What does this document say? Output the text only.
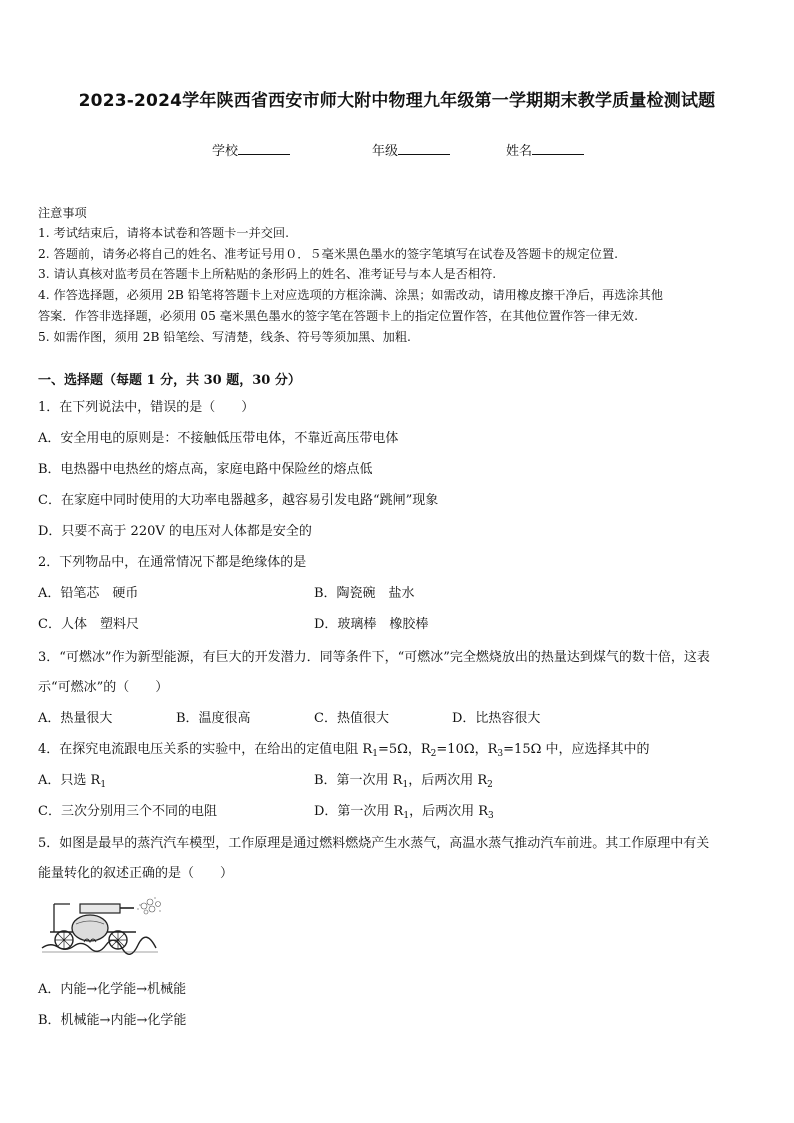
2023-2024学年陕西省西安市师大附中物理九年级第一学期期末教学质量检测试题
学校	年级	姓名
注意事项
1. 考试结束后，请将本试卷和答题卡一并交回.
2. 答题前，请务必将自己的姓名、准考证号用０．５毫米黑色墨水的签字笔填写在试卷及答题卡的规定位置.
3. 请认真核对监考员在答题卡上所粘贴的条形码上的姓名、准考证号与本人是否相符.
4. 作答选择题，必须用 2B 铅笔将答题卡上对应选项的方框涂满、涂黑；如需改动，请用橡皮擦干净后，再选涂其他
答案．作答非选择题，必须用 05 毫米黑色墨水的签字笔在答题卡上的指定位置作答，在其他位置作答一律无效.
5. 如需作图，须用 2B 铅笔绘、写清楚，线条、符号等须加黑、加粗.
一、选择题（每题 1 分，共 30 题，30 分）
1．在下列说法中，错误的是（　　）
A．安全用电的原则是：不接触低压带电体，不靠近高压带电体
B．电热器中电热丝的熔点高，家庭电路中保险丝的熔点低
C．在家庭中同时使用的大功率电器越多，越容易引发电路“跳闸”现象
D．只要不高于 220V 的电压对人体都是安全的
2．下列物品中，在通常情况下都是绝缘体的是
A．铅笔芯　硬币	B．陶瓷碗　盐水
C．人体　塑料尺	D．玻璃棒　橡胶棒
3．“可燃冰”作为新型能源，有巨大的开发潜力．同等条件下，“可燃冰”完全燃烧放出的热量达到煤气的数十倍，这表
示“可燃冰”的（　　）
A．热量很大	B．温度很高	C．热值很大	D．比热容很大
4．在探究电流跟电压关系的实验中，在给出的定值电阻 $R_1=5\Omega$，$R_2=10\Omega$，$R_3=15\Omega$ 中，应选择其中的
A．只选 $R_1$	B．第一次用 $R_1$，后两次用 $R_2$
C．三次分别用三个不同的电阻	D．第一次用 $R_1$，后两次用 $R_3$
5．如图是最早的蒸汽汽车模型，工作原理是通过燃料燃烧产生水蒸气，高温水蒸气推动汽车前进。其工作原理中有关
能量转化的叙述正确的是（　　）
A．内能→化学能→机械能
B．机械能→内能→化学能
